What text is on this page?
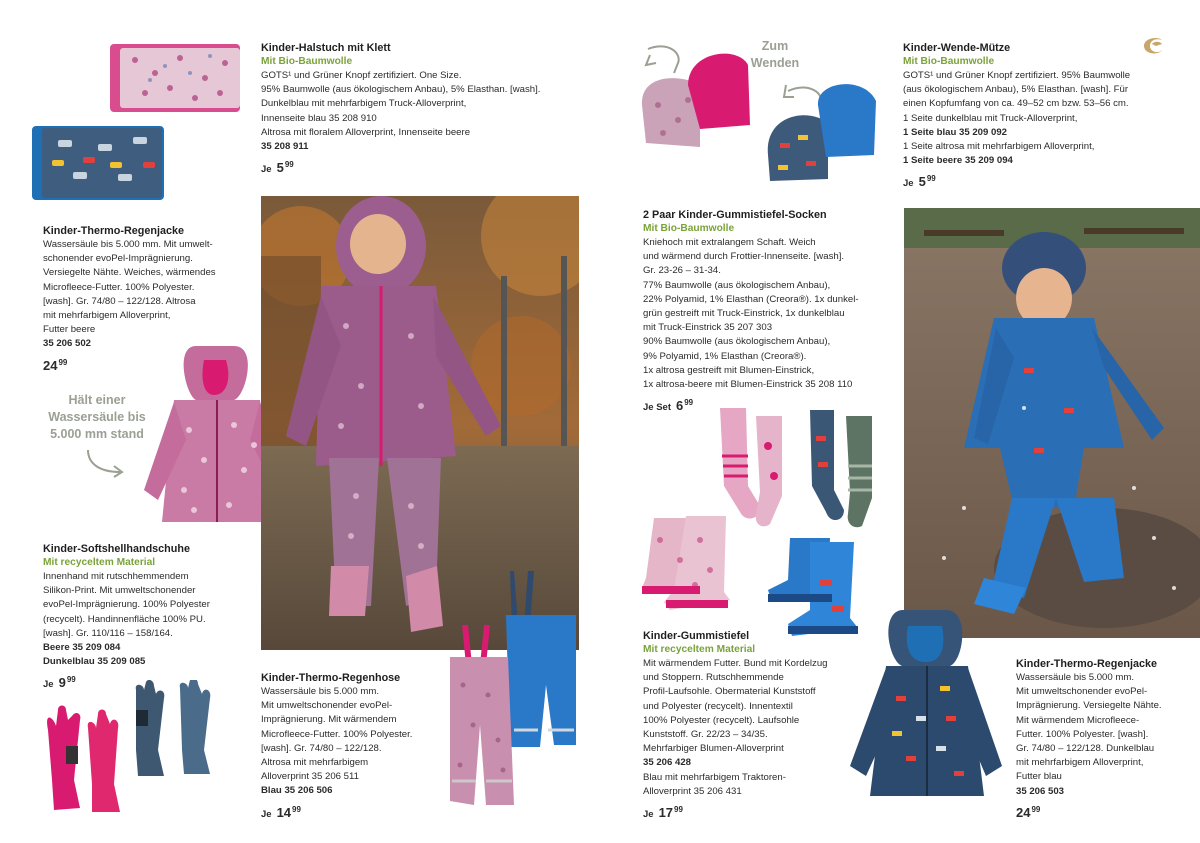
Kinder-Halstuch mit Klett
Mit Bio-Baumwolle
GOTS¹ und Grüner Knopf zertifiziert. One Size.
95% Baumwolle (aus ökologischem Anbau), 5% Elasthan. [wash].
Dunkelblau mit mehrfarbigem Truck-Alloverprint,
Innenseite blau 35 208 910
Altrosa mit floralem Alloverprint, Innenseite beere
35 208 911
Je $5^{99}$
Kinder-Thermo-Regenjacke
Wassersäule bis 5.000 mm. Mit umwelt-
schonender evoPel-Imprägnierung.
Versiegelte Nähte. Weiches, wärmendes
Microfleece-Futter. 100% Polyester.
[wash]. Gr. 74/80 – 122/128. Altrosa
mit mehrfarbigem Alloverprint,
Futter beere
35 206 502
$24^{99}$
Hält einer Wassersäule bis 5.000 mm stand
Kinder-Softshellhandschuhe
Mit recyceltem Material
Innenhand mit rutschhemmendem
Silikon-Print. Mit umweltschonender
evoPel-Imprägnierung. 100% Polyester
(recycelt). Handinnenfläche 100% PU.
[wash]. Gr. 110/116 – 158/164.
Beere 35 209 084
Dunkelblau 35 209 085
Je $9^{99}$	Kinder-Thermo-Regenhose
Wassersäule bis 5.000 mm.
Mit umweltschonender evoPel-
Imprägnierung. Mit wärmendem
Microfleece-Futter. 100% Polyester.
[wash]. Gr. 74/80 – 122/128.
Altrosa mit mehrfarbigem
Alloverprint 35 206 511
Blau 35 206 506
Je $14^{99}$
Zum Wenden
2 Paar Kinder-Gummistiefel-Socken
Mit Bio-Baumwolle
Kniehoch mit extralangem Schaft. Weich
und wärmend durch Frottier-Innenseite. [wash].
Gr. 23-26 – 31-34.
77% Baumwolle (aus ökologischem Anbau),
22% Polyamid, 1% Elasthan (Creora®). 1x dunkel-
grün gestreift mit Truck-Einstrick, 1x dunkelblau
mit Truck-Einstrick 35 207 303
90% Baumwolle (aus ökologischem Anbau),
9% Polyamid, 1% Elasthan (Creora®).
1x altrosa gestreift mit Blumen-Einstrick,
1x altrosa-beere mit Blumen-Einstrick 35 208 110
Je Set $6^{99}$
Kinder-Gummistiefel
Mit recyceltem Material
Mit wärmendem Futter. Bund mit Kordelzug
und Stoppern. Rutschhemmende
Profil-Laufsohle. Obermaterial Kunststoff
und Polyester (recycelt). Innentextil
100% Polyester (recycelt). Laufsohle
Kunststoff. Gr. 22/23 – 34/35.
Mehrfarbiger Blumen-Alloverprint
35 206 428
Blau mit mehrfarbigem Traktoren-
Alloverprint 35 206 431
Je $17^{99}$
Kinder-Wende-Mütze
Mit Bio-Baumwolle
GOTS¹ und Grüner Knopf zertifiziert. 95% Baumwolle
(aus ökologischem Anbau), 5% Elasthan. [wash]. Für
einen Kopfumfang von ca. 49–52 cm bzw. 53–56 cm.
1 Seite dunkelblau mit Truck-Alloverprint,
1 Seite blau 35 209 092
1 Seite altrosa mit mehrfarbigem Alloverprint,
1 Seite beere 35 209 094
Je $5^{99}$
Kinder-Thermo-Regenjacke
Wassersäule bis 5.000 mm.
Mit umweltschonender evoPel-
Imprägnierung. Versiegelte Nähte.
Mit wärmendem Microfleece-
Futter. 100% Polyester. [wash].
Gr. 74/80 – 122/128. Dunkelblau
mit mehrfarbigem Alloverprint,
Futter blau
35 206 503
$24^{99}$
